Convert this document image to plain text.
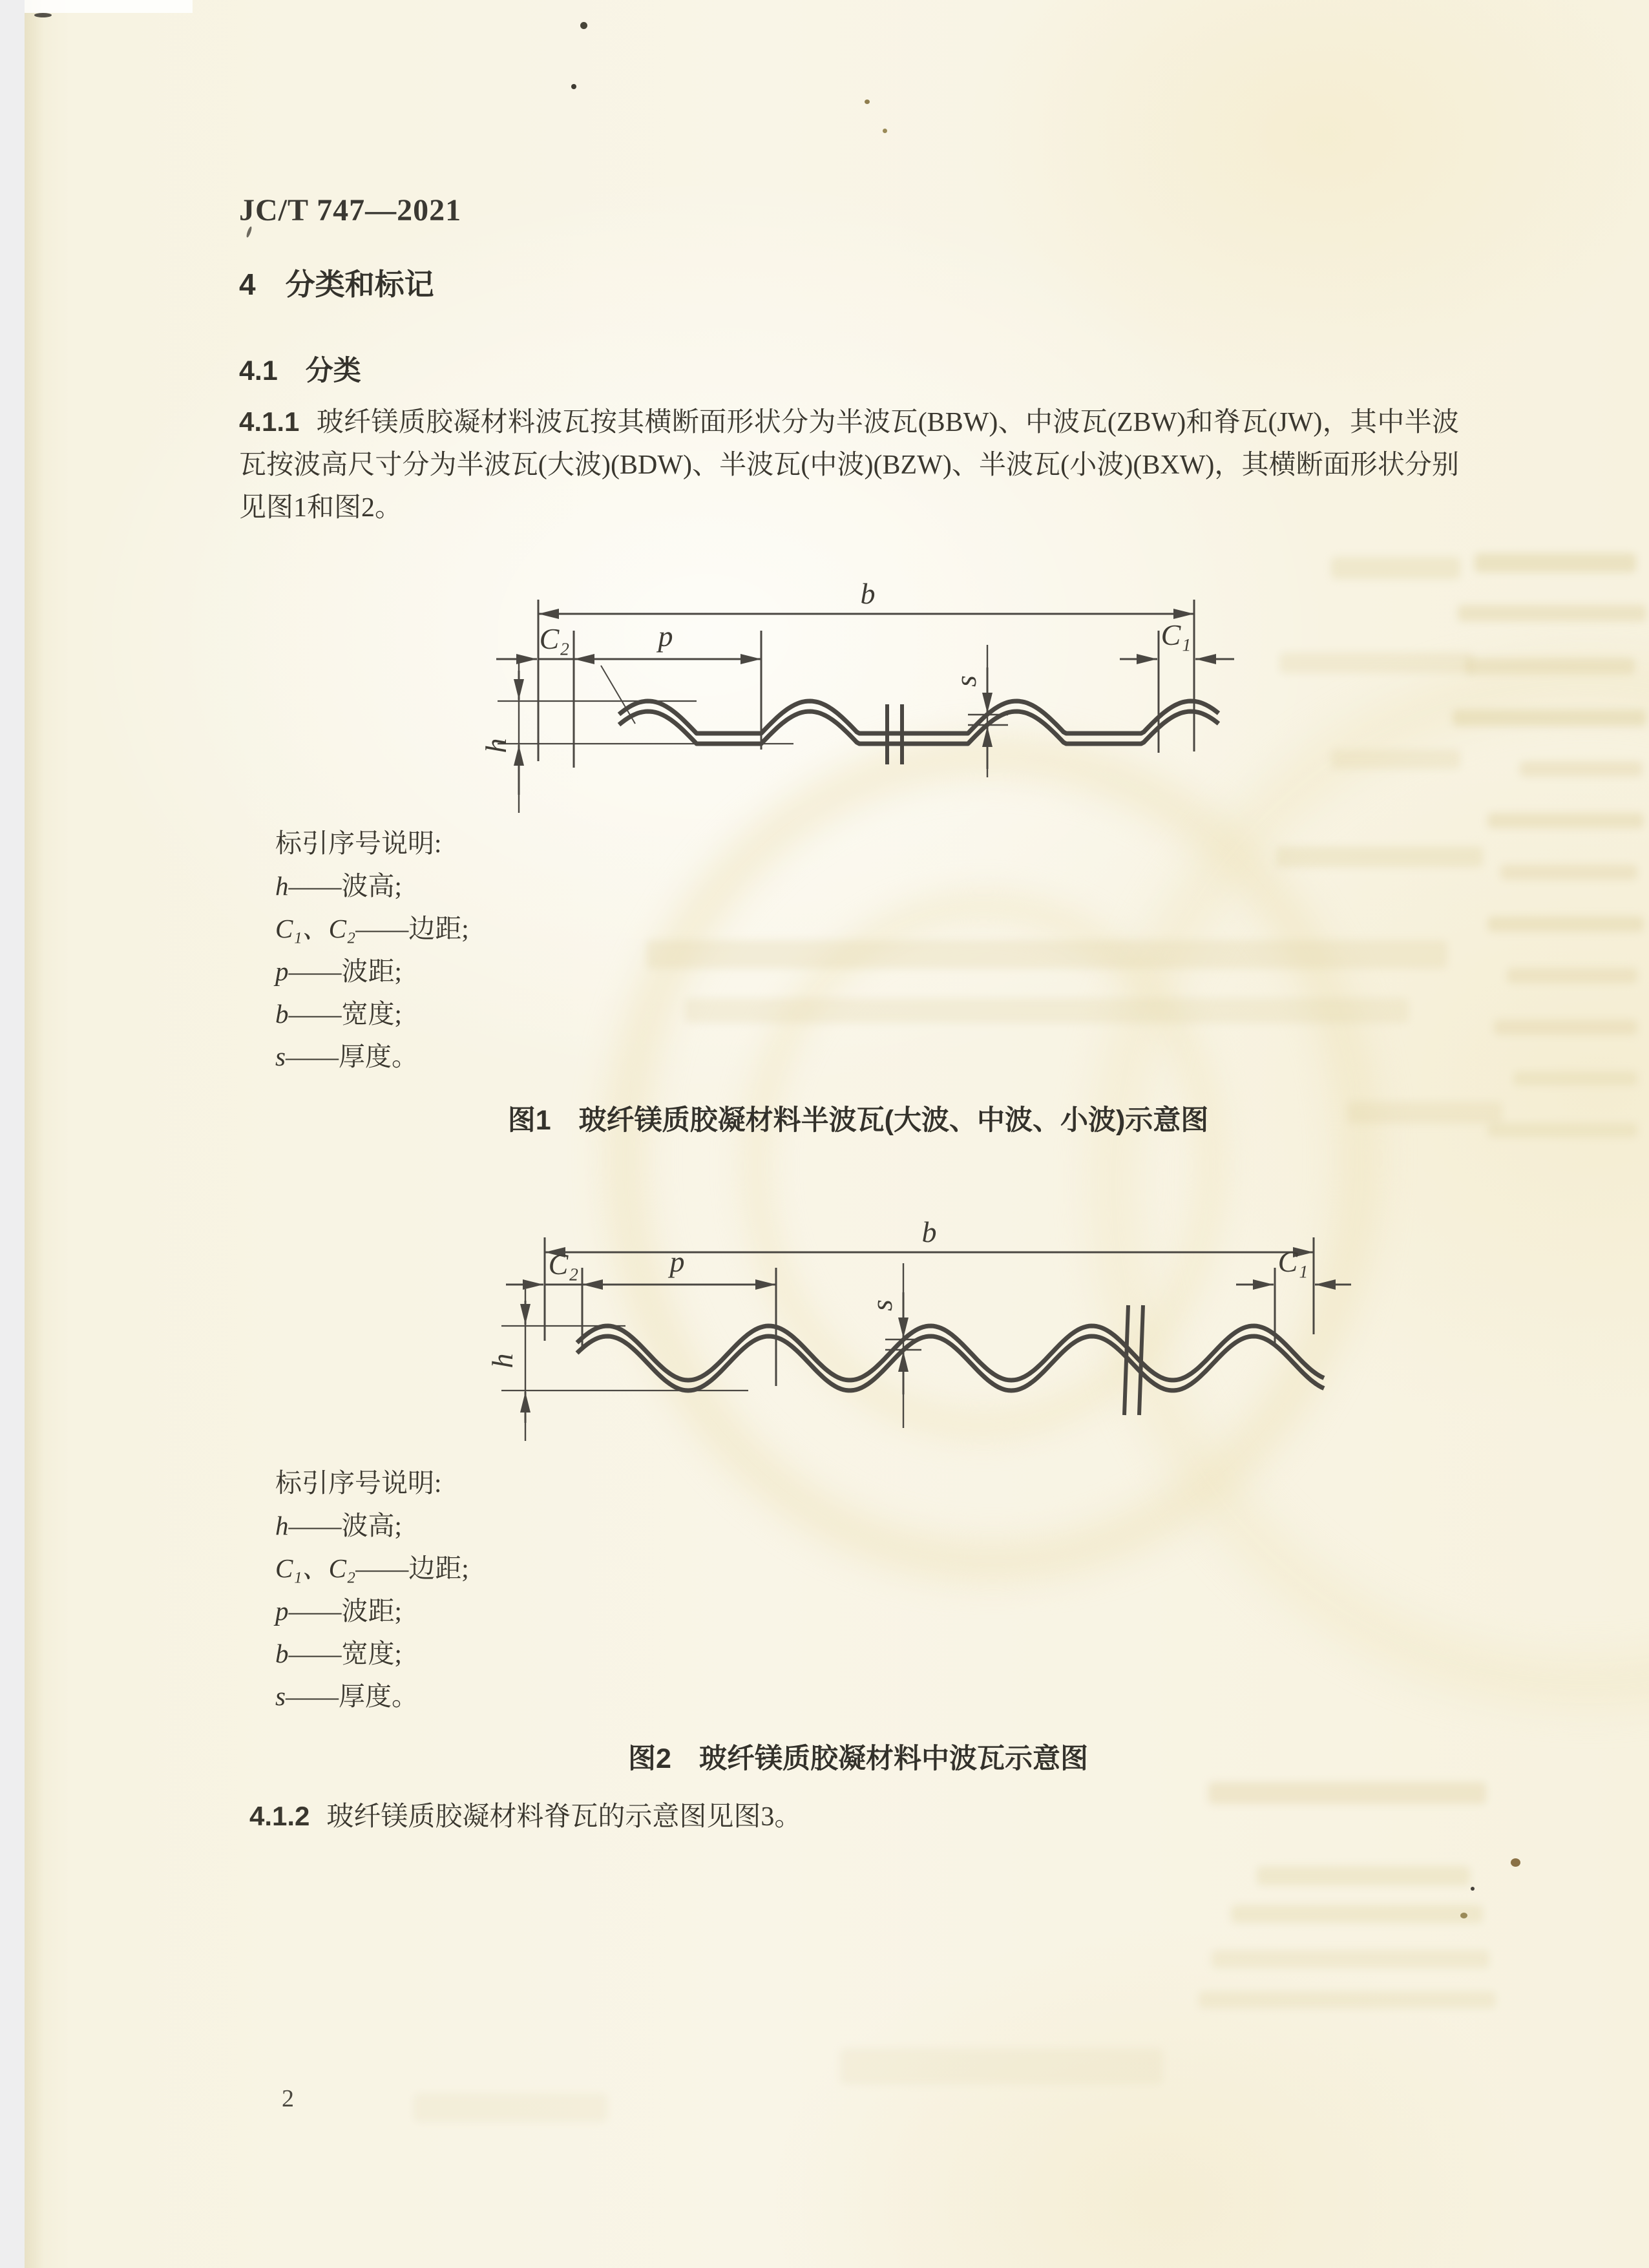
JC/T 747—2021
4　分类和标记
4.1　分类
4.1.1 玻纤镁质胶凝材料波瓦按其横断面形状分为半波瓦(BBW)、中波瓦(ZBW)和脊瓦(JW)，其中半波瓦按波高尺寸分为半波瓦(大波)(BDW)、半波瓦(中波)(BZW)、半波瓦(小波)(BXW)，其横断面形状分别见图1和图2。
b
C₂	p	C₁
s
h
标引序号说明:
h——波高;
C₁、C₂——边距;
p——波距;
b——宽度;
s——厚度。
图1　玻纤镁质胶凝材料半波瓦(大波、中波、小波)示意图
b
C₂	p	C₁
s
h
标引序号说明:
h——波高;
C₁、C₂——边距;
p——波距;
b——宽度;
s——厚度。
图2　玻纤镁质胶凝材料中波瓦示意图
4.1.2 玻纤镁质胶凝材料脊瓦的示意图见图3。
2
